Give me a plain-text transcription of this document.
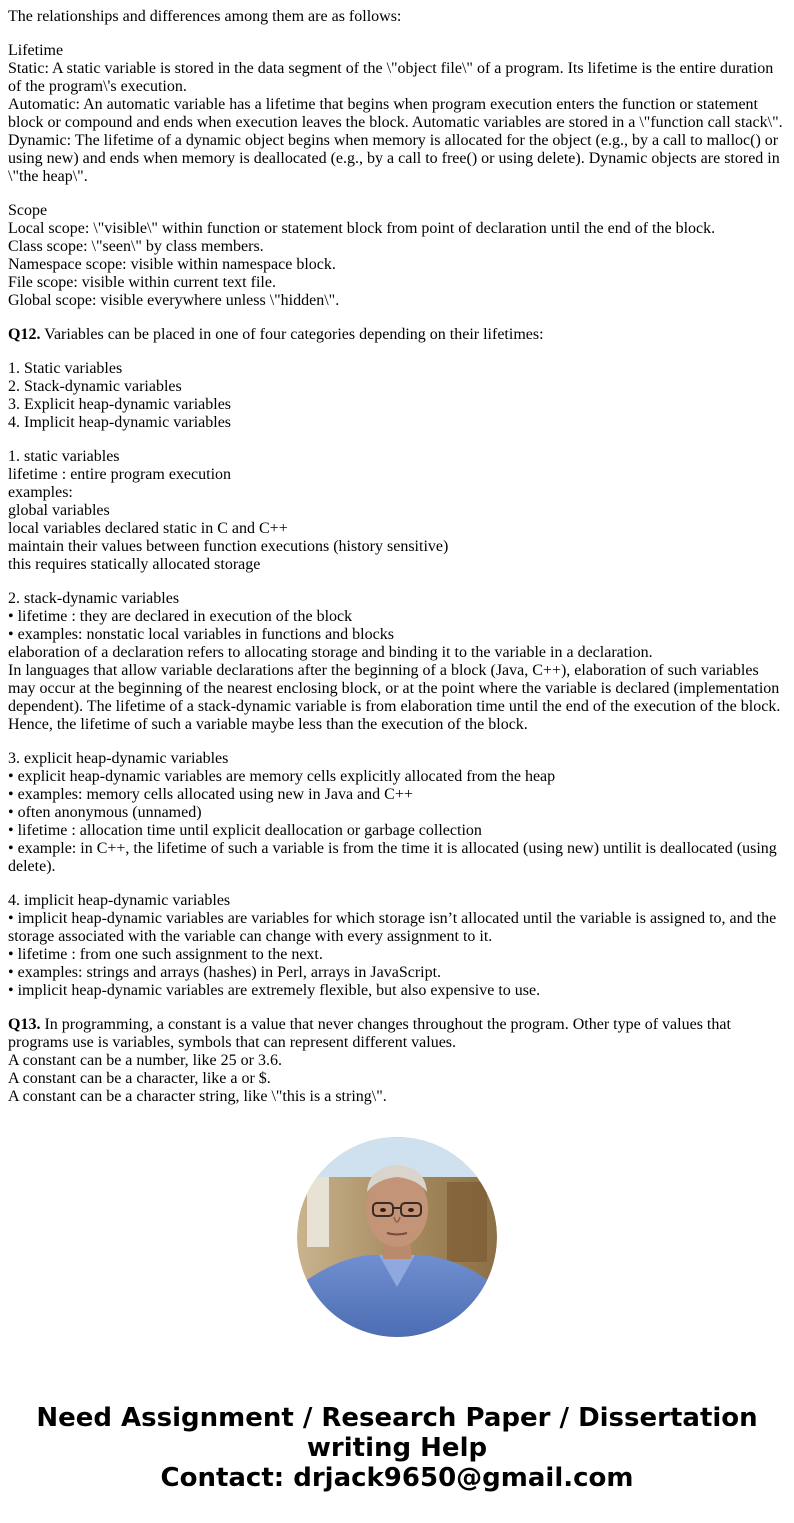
The relationships and differences among them are as follows:
Lifetime
Static: A static variable is stored in the data segment of the \"object file\" of a program. Its lifetime is the entire duration of the program\'s execution.
Automatic: An automatic variable has a lifetime that begins when program execution enters the function or statement block or compound and ends when execution leaves the block. Automatic variables are stored in a \"function call stack\".
Dynamic: The lifetime of a dynamic object begins when memory is allocated for the object (e.g., by a call to malloc() or using new) and ends when memory is deallocated (e.g., by a call to free() or using delete). Dynamic objects are stored in \"the heap\".
Scope
Local scope: \"visible\" within function or statement block from point of declaration until the end of the block.
Class scope: \"seen\" by class members.
Namespace scope: visible within namespace block.
File scope: visible within current text file.
Global scope: visible everywhere unless \"hidden\".
Q12. Variables can be placed in one of four categories depending on their lifetimes:
1. Static variables
2. Stack-dynamic variables
3. Explicit heap-dynamic variables
4. Implicit heap-dynamic variables
1. static variables
lifetime : entire program execution
examples:
global variables
local variables declared static in C and C++
maintain their values between function executions (history sensitive)
this requires statically allocated storage
2. stack-dynamic variables
• lifetime : they are declared in execution of the block
• examples: nonstatic local variables in functions and blocks
elaboration of a declaration refers to allocating storage and binding it to the variable in a declaration.
In languages that allow variable declarations after the beginning of a block (Java, C++), elaboration of such variables may occur at the beginning of the nearest enclosing block, or at the point where the variable is declared (implementation dependent). The lifetime of a stack-dynamic variable is from elaboration time until the end of the execution of the block. Hence, the lifetime of such a variable maybe less than the execution of the block.
3. explicit heap-dynamic variables
• explicit heap-dynamic variables are memory cells explicitly allocated from the heap
• examples: memory cells allocated using new in Java and C++
• often anonymous (unnamed)
• lifetime : allocation time until explicit deallocation or garbage collection
• example: in C++, the lifetime of such a variable is from the time it is allocated (using new) untilit is deallocated (using delete).
4. implicit heap-dynamic variables
• implicit heap-dynamic variables are variables for which storage isn’t allocated until the variable is assigned to, and the storage associated with the variable can change with every assignment to it.
• lifetime : from one such assignment to the next.
• examples: strings and arrays (hashes) in Perl, arrays in JavaScript.
• implicit heap-dynamic variables are extremely flexible, but also expensive to use.
Q13. In programming, a constant is a value that never changes throughout the program. Other type of values that programs use is variables, symbols that can represent different values.
A constant can be a number, like 25 or 3.6.
A constant can be a character, like a or $.
A constant can be a character string, like \"this is a string\".
Need Assignment / Research Paper / Dissertation
writing Help
Contact: drjack9650@gmail.com
